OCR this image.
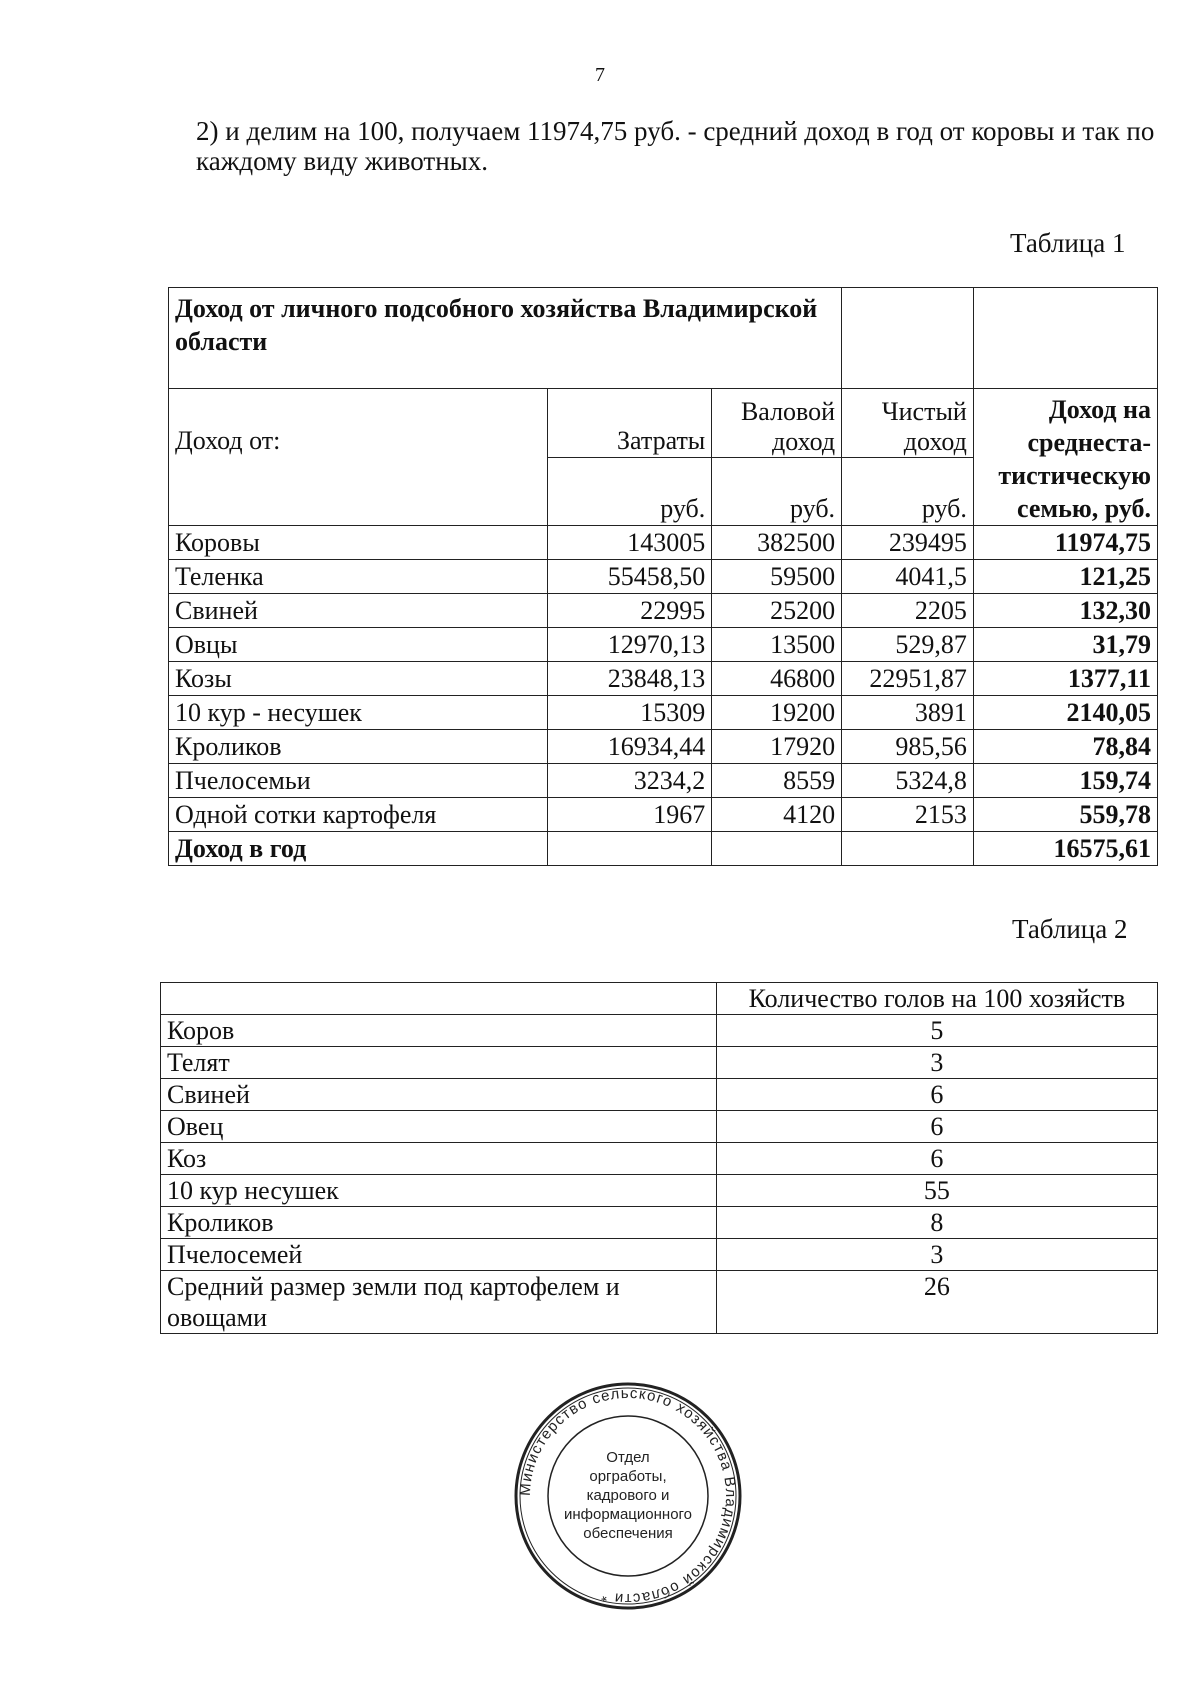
7

2) и делим на 100, получаем 11974,75 руб. - средний доход в год от коровы и так по каждому виду животных.

Таблица 1
Доход от личного подсобного хозяйства Владимирской области				
Доход от:	Затраты	Валовой доход	Чистый доход	Доход на среднеста-тистическую семью, руб.
	руб.	руб.	руб.	
Коровы	143005	382500	239495	11974,75
Теленка	55458,50	59500	4041,5	121,25
Свиней	22995	25200	2205	132,30
Овцы	12970,13	13500	529,87	31,79
Козы	23848,13	46800	22951,87	1377,11
10 кур - несушек	15309	19200	3891	2140,05
Кроликов	16934,44	17920	985,56	78,84
Пчелосемьи	3234,2	8559	5324,8	159,74
Одной сотки картофеля	1967	4120	2153	559,78
Доход в год				16575,61
Таблица 2
	Количество голов на 100 хозяйств
Коров	5
Телят	3
Свиней	6
Овец	6
Коз	6
10 кур несушек	55
Кроликов	8
Пчелосемей	3
Средний размер земли под картофелем и овощами	26
Министерство сельского хозяйства Владимирской области *
Отдел
оргработы,
кадрового и
информационного
обеспечения
